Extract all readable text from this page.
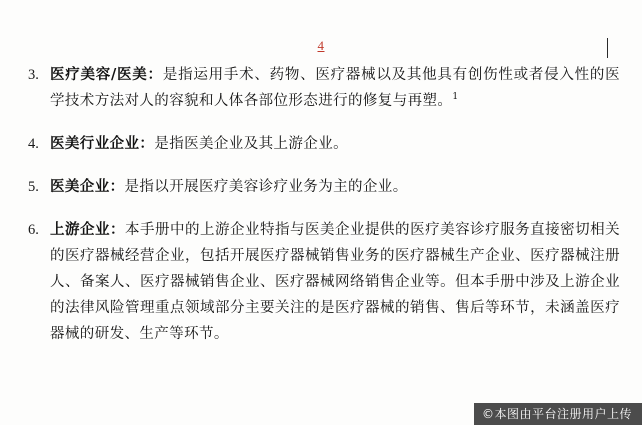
4
3. 医疗美容/医美：是指运用手术、药物、医疗器械以及其他具有创伤性或者侵入性的医学技术方法对人的容貌和人体各部位形态进行的修复与再塑。$^1$
4. 医美行业企业：是指医美企业及其上游企业。
5. 医美企业：是指以开展医疗美容诊疗业务为主的企业。
6. 上游企业：本手册中的上游企业特指与医美企业提供的医疗美容诊疗服务直接密切相关的医疗器械经营企业，包括开展医疗器械销售业务的医疗器械生产企业、医疗器械注册人、备案人、医疗器械销售企业、医疗器械网络销售企业等。但本手册中涉及上游企业的法律风险管理重点领域部分主要关注的是医疗器械的销售、售后等环节，未涵盖医疗器械的研发、生产等环节。
©本图由平台注册用户上传
